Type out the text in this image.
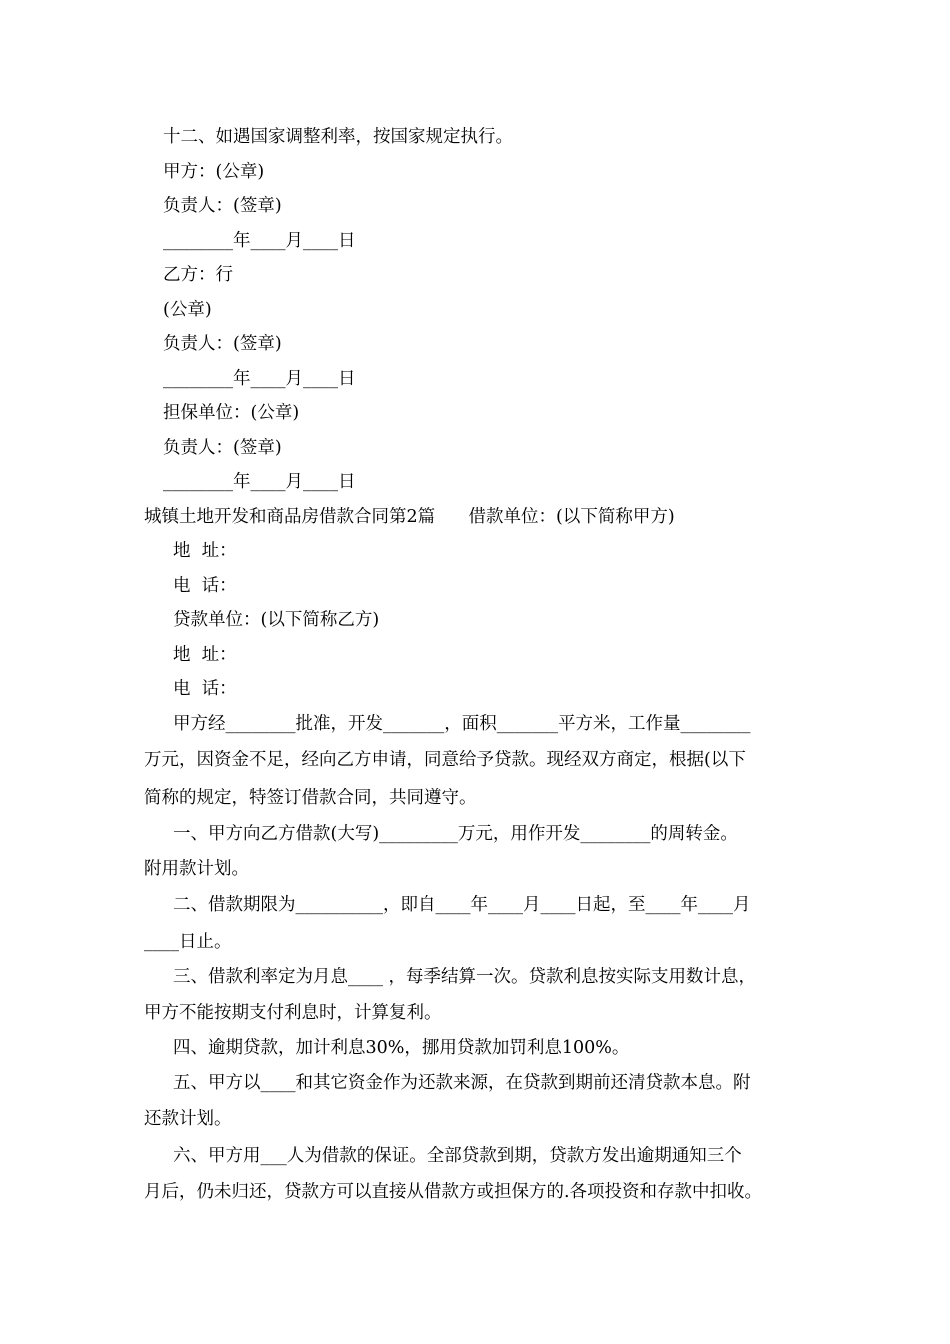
十二、如遇国家调整利率，按国家规定执行。
甲方：(公章)
负责人：(签章)
________年____月____日
乙方：行
(公章)
负责人：(签章)
________年____月____日
担保单位：(公章)
负责人：(签章)
________年____月____日
城镇土地开发和商品房借款合同第2篇      借款单位：(以下简称甲方)
地  址：
电  话：
贷款单位：(以下简称乙方)
地  址：
电  话：
甲方经________批准，开发_______，面积_______平方米，工作量________
万元，因资金不足，经向乙方申请，同意给予贷款。现经双方商定，根据(以下
简称的规定，特签订借款合同，共同遵守。
一、甲方向乙方借款(大写)_________万元，用作开发________的周转金。
附用款计划。
二、借款期限为__________，即自____年____月____日起，至____年____月
____日止。
三、借款利率定为月息____ ，每季结算一次。贷款利息按实际支用数计息，
甲方不能按期支付利息时，计算复利。
四、逾期贷款，加计利息30%，挪用贷款加罚利息100%。
五、甲方以____和其它资金作为还款来源，在贷款到期前还清贷款本息。附
还款计划。
六、甲方用___人为借款的保证。全部贷款到期，贷款方发出逾期通知三个
月后，仍未归还，贷款方可以直接从借款方或担保方的.各项投资和存款中扣收。
